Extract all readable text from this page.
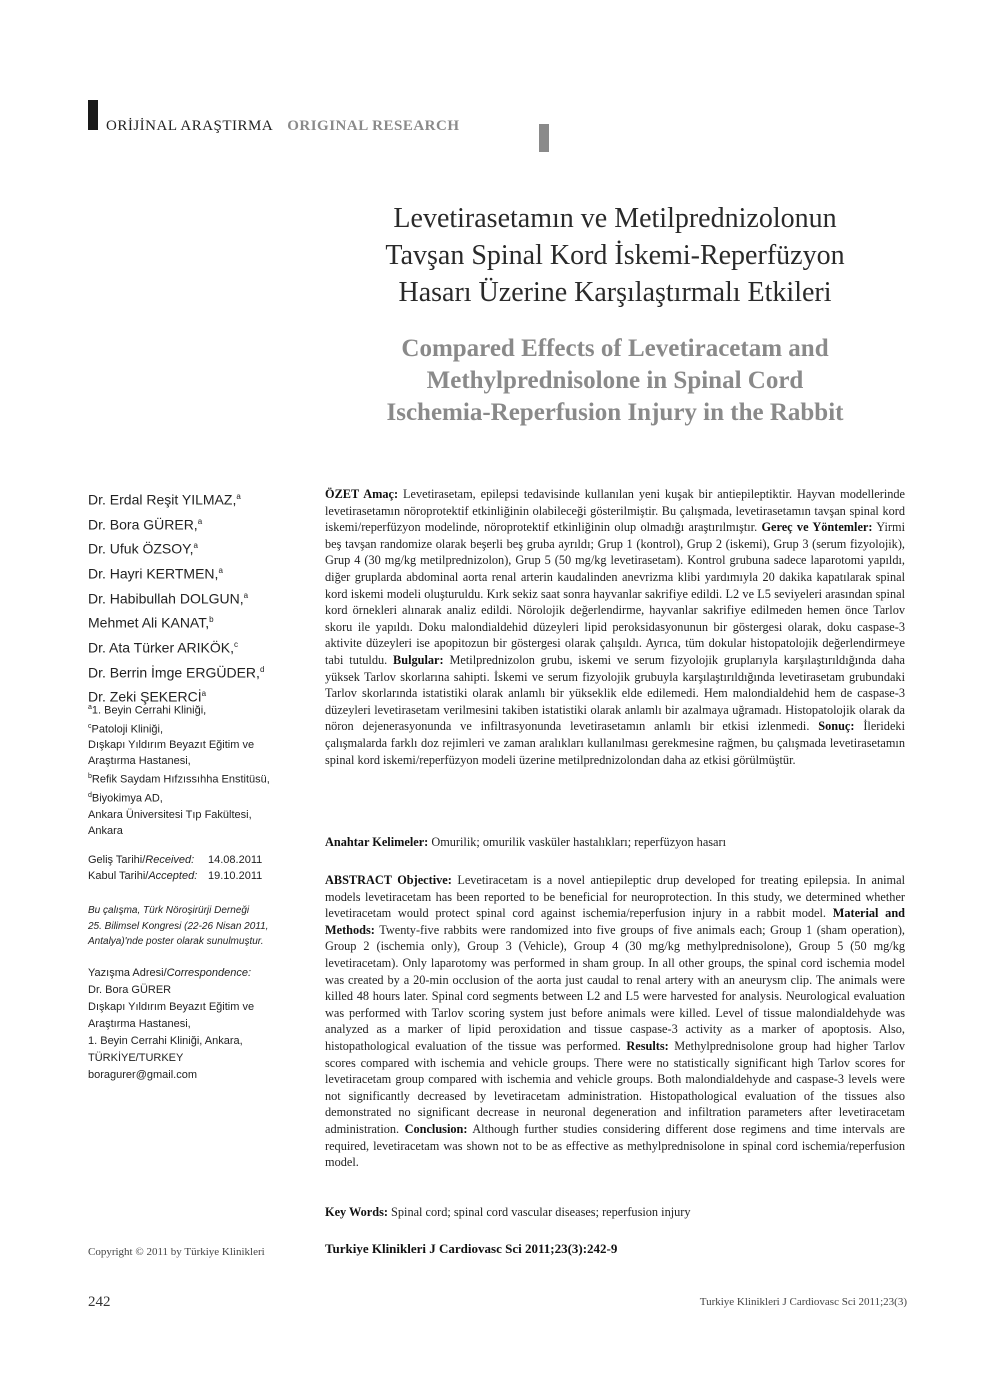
ORİJİNAL ARAŞTIRMA ORIGINAL RESEARCH
Levetirasetamın ve Metilprednizolonun
Tavşan Spinal Kord İskemi-Reperfüzyon
Hasarı Üzerine Karşılaştırmalı Etkileri
Compared Effects of Levetiracetam and
Methylprednisolone in Spinal Cord
Ischemia-Reperfusion Injury in the Rabbit
Dr. Erdal Reşit YILMAZ,$^a$
Dr. Bora GÜRER,$^a$
Dr. Ufuk ÖZSOY,$^a$
Dr. Hayri KERTMEN,$^a$
Dr. Habibullah DOLGUN,$^a$
Mehmet Ali KANAT,$^b$
Dr. Ata Türker ARIKÖK,$^c$
Dr. Berrin İmge ERGÜDER,$^d$
Dr. Zeki ŞEKERCİ$^a$
$^a$1. Beyin Cerrahi Kliniği,
$^c$Patoloji Kliniği,
Dışkapı Yıldırım Beyazıt Eğitim ve
Araştırma Hastanesi,
$^b$Refik Saydam Hıfzıssıhha Enstitüsü,
$^d$Biyokimya AD,
Ankara Üniversitesi Tıp Fakültesi,
Ankara
Geliş Tarihi/Received:	14.08.2011
Kabul Tarihi/Accepted: 19.10.2011
Bu çalışma, Türk Nöroşirürji Derneği
25. Bilimsel Kongresi (22-26 Nisan 2011,
Antalya)'nde poster olarak sunulmuştur.
Yazışma Adresi/Correspondence:
Dr. Bora GÜRER
Dışkapı Yıldırım Beyazıt Eğitim ve
Araştırma Hastanesi,
1. Beyin Cerrahi Kliniği, Ankara,
TÜRKİYE/TURKEY
boragurer@gmail.com
ÖZET Amaç: Levetirasetam, epilepsi tedavisinde kullanılan yeni kuşak bir antiepileptiktir. Hayvan modellerinde levetirasetamın nöroprotektif etkinliğinin olabileceği gösterilmiştir. Bu çalışmada, levetirasetamın tavşan spinal kord iskemi/reperfüzyon modelinde, nöroprotektif etkinliğinin olup olmadığı araştırılmıştır. Gereç ve Yöntemler: Yirmi beş tavşan randomize olarak beşerli beş gruba ayrıldı; Grup 1 (kontrol), Grup 2 (iskemi), Grup 3 (serum fizyolojik), Grup 4 (30 mg/kg metilprednizolon), Grup 5 (50 mg/kg levetirasetam). Kontrol grubuna sadece laparotomi yapıldı, diğer gruplarda abdominal aorta renal arterin kaudalinden anevrizma klibi yardımıyla 20 dakika kapatılarak spinal kord iskemi modeli oluşturuldu. Kırk sekiz saat sonra hayvanlar sakrifiye edildi. L2 ve L5 seviyeleri arasından spinal kord örnekleri alınarak analiz edildi. Nörolojik değerlendirme, hayvanlar sakrifiye edilmeden hemen önce Tarlov skoru ile yapıldı. Doku malondialdehid düzeyleri lipid peroksidasyonunun bir göstergesi olarak, doku caspase-3 aktivite düzeyleri ise apopitozun bir göstergesi olarak çalışıldı. Ayrıca, tüm dokular histopatolojik değerlendirmeye tabi tutuldu. Bulgular: Metilprednizolon grubu, iskemi ve serum fizyolojik gruplarıyla karşılaştırıldığında daha yüksek Tarlov skorlarına sahipti. İskemi ve serum fizyolojik grubuyla karşılaştırıldığında levetirasetam grubundaki Tarlov skorlarında istatistiki olarak anlamlı bir yükseklik elde edilemedi. Hem malondialdehid hem de caspase-3 düzeyleri levetirasetam verilmesini takiben istatistiki olarak anlamlı bir azalmaya uğramadı. Histopatolojik olarak da nöron dejenerasyonunda ve infiltrasyonunda levetirasetamın anlamlı bir etkisi izlenmedi. Sonuç: İlerideki çalışmalarda farklı doz rejimleri ve zaman aralıkları kullanılması gerekmesine rağmen, bu çalışmada levetirasetamın spinal kord iskemi/reperfüzyon modeli üzerine metilprednizolondan daha az etkisi görülmüştür.
Anahtar Kelimeler: Omurilik; omurilik vasküler hastalıkları; reperfüzyon hasarı
ABSTRACT Objective: Levetiracetam is a novel antiepileptic drup developed for treating epilepsia. In animal models levetiracetam has been reported to be beneficial for neuroprotection. In this study, we determined whether levetiracetam would protect spinal cord against ischemia/reperfusion injury in a rabbit model. Material and Methods: Twenty-five rabbits were randomized into five groups of five animals each; Group 1 (sham operation), Group 2 (ischemia only), Group 3 (Vehicle), Group 4 (30 mg/kg methylprednisolone), Group 5 (50 mg/kg levetiracetam). Only laparotomy was performed in sham group. In all other groups, the spinal cord ischemia model was created by a 20-min occlusion of the aorta just caudal to renal artery with an aneurysm clip. The animals were killed 48 hours later. Spinal cord segments between L2 and L5 were harvested for analysis. Neurological evaluation was performed with Tarlov scoring system just before animals were killed. Level of tissue malondialdehyde was analyzed as a marker of lipid peroxidation and tissue caspase-3 activity as a marker of apoptosis. Also, histopathological evaluation of the tissue was performed. Results: Methylprednisolone group had higher Tarlov scores compared with ischemia and vehicle groups. There were no statistically significant high Tarlov scores for levetiracetam group compared with ischemia and vehicle groups. Both malondialdehyde and caspase-3 levels were not significantly decreased by levetiracetam administration. Histopathological evaluation of the tissues also demonstrated no significant decrease in neuronal degeneration and infiltration parameters after levetiracetam administration. Conclusion: Although further studies considering different dose regimens and time intervals are required, levetiracetam was shown not to be as effective as methylprednisolone in spinal cord ischemia/reperfusion model.
Key Words: Spinal cord; spinal cord vascular diseases; reperfusion injury
Turkiye Klinikleri J Cardiovasc Sci 2011;23(3):242-9
Copyright © 2011 by Türkiye Klinikleri
242	Turkiye Klinikleri J Cardiovasc Sci 2011;23(3)
